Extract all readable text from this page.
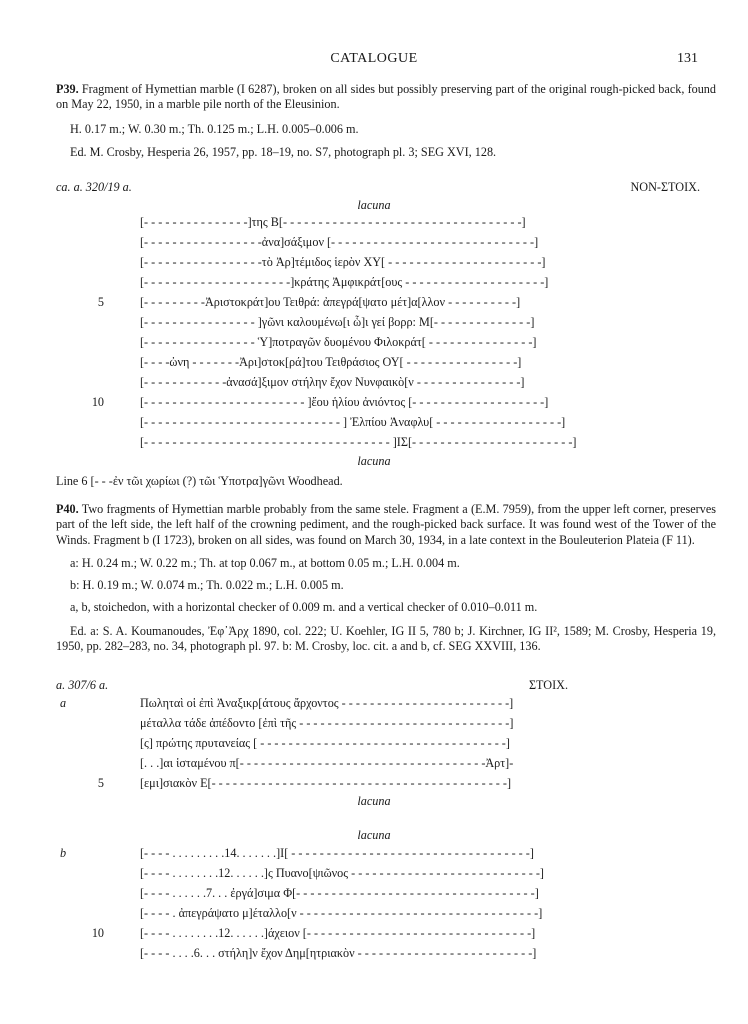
CATALOGUE	131
P39. Fragment of Hymettian marble (I 6287), broken on all sides but possibly preserving part of the original rough-picked back, found on May 22, 1950, in a marble pile north of the Eleusinion.
H. 0.17 m.; W. 0.30 m.; Th. 0.125 m.; L.H. 0.005–0.006 m.
Ed. M. Crosby, Hesperia 26, 1957, pp. 18–19, no. S7, photograph pl. 3; SEG XVI, 128.
ca. a. 320/19 a.	NON-ΣΤΟΙΧ.
lacuna
[- - - - - - - - - - - - - - -]της Β[- - - - - - - - - - - - - - - - - - - - - - - - - - - - - - - - - -]
[- - - - - - - - - - - - - - - - -ἀνα]σάξιμον [- - - - - - - - - - - - - - - - - - - - - - - - - - - - -]
[- - - - - - - - - - - - - - - - -τὸ Ἀρ]τέμιδος ἱερὸν ΧΥ[ - - - - - - - - - - - - - - - - - - - - - -]
[- - - - - - - - - - - - - - - - - - - - -]κράτης Ἀμφικράτ[ους - - - - - - - - - - - - - - - - - - - -]
5	[- - - - - - - - -Ἀριστοκράτ]ου Τειθρά: ἀπεγρά[ψατο μέτ]α[λλον - - - - - - - - - -]
[- - - - - - - - - - - - - - - - ]γῶνι καλουμένω[ι ὧ]ι γεί βορρ: Μ[- - - - - - - - - - - - - -]
[- - - - - - - - - - - - - - - - Ὑ]ποτραγῶν δυομένου Φιλοκράτ[ - - - - - - - - - - - - - - -]
[- - - -ὠνη - - - - - - -Ἀρι]στοκ[ρά]του Τειθράσιος ΟΥ[ - - - - - - - - - - - - - - - -]
[- - - - - - - - - - - -ἀνασά]ξιμον στήλην ἔχον Νυνφαικὸ[ν - - - - - - - - - - - - - - -]
10	[- - - - - - - - - - - - - - - - - - - - - - - ]ἔου ἡλίου ἀνιόντος [- - - - - - - - - - - - - - - - - - -]
[- - - - - - - - - - - - - - - - - - - - - - - - - - - - ] Ἐλπίου Ἀναφλυ[ - - - - - - - - - - - - - - - - - -]
[- - - - - - - - - - - - - - - - - - - - - - - - - - - - - - - - - - - ]ΙΣ[- - - - - - - - - - - - - - - - - - - - - - -]
lacuna
Line 6 [- - -ἐν τῶι χωρίωι (?) τῶι Ὑποτρα]γῶνι Woodhead.
P40. Two fragments of Hymettian marble probably from the same stele. Fragment a (E.M. 7959), from the upper left corner, preserves part of the left side, the left half of the crowning pediment, and the rough-picked back surface. It was found west of the Tower of the Winds. Fragment b (I 1723), broken on all sides, was found on March 30, 1934, in a late context in the Bouleuterion Plateia (F 11).
a: H. 0.24 m.; W. 0.22 m.; Th. at top 0.067 m., at bottom 0.05 m.; L.H. 0.004 m.
b: H. 0.19 m.; W. 0.074 m.; Th. 0.022 m.; L.H. 0.005 m.
a, b, stoichedon, with a horizontal checker of 0.009 m. and a vertical checker of 0.010–0.011 m.
Ed. a: S. A. Koumanoudes, Ἐφ᾽Ἀρχ 1890, col. 222; U. Koehler, IG II 5, 780 b; J. Kirchner, IG II², 1589; M. Crosby, Hesperia 19, 1950, pp. 282–283, no. 34, photograph pl. 97. b: M. Crosby, loc. cit. a and b, cf. SEG XXVIII, 136.
a. 307/6 a.	ΣΤΟΙΧ.
a	Πωληταὶ οἱ ἐπὶ Ἀναξικρ[άτους ἄρχοντος - - - - - - - - - - - - - - - - - - - - - - - -]
μέταλλα τάδε ἀπέδοντο [ἐπὶ τῆς - - - - - - - - - - - - - - - - - - - - - - - - - - - - - -]
[ς] πρώτης πρυτανείας [ - - - - - - - - - - - - - - - - - - - - - - - - - - - - - - - - - - -]
[. . .]αι ἱσταμένου π[- - - - - - - - - - - - - - - - - - - - - - - - - - - - - - - - - - -Ἀρτ]-
5	[εμι]σιακὸν Ε[- - - - - - - - - - - - - - - - - - - - - - - - - - - - - - - - - - - - - - - - - -]
lacuna
lacuna
b	[- - - - . . . . . . . . .14. . . . . . .]Ι[ - - - - - - - - - - - - - - - - - - - - - - - - - - - - - - - - - -]
[- - - - . . . . . . . .12. . . . . .]ς Πυανο[ψιῶνος - - - - - - - - - - - - - - - - - - - - - - - - - - -]
[- - - - . . . . . .7. . . ἐργά]σιμα Φ[- - - - - - - - - - - - - - - - - - - - - - - - - - - - - - - - - -]
[- - - - . ἀπεγράψατο μ]έταλλο[ν - - - - - - - - - - - - - - - - - - - - - - - - - - - - - - - - - -]
10	[- - - - . . . . . . . .12. . . . . .]άχειον [- - - - - - - - - - - - - - - - - - - - - - - - - - - - - - - -]
[- - - - . . . .6. . . στήλη]ν ἔχον Δημ[ητριακὸν - - - - - - - - - - - - - - - - - - - - - - - - -]
